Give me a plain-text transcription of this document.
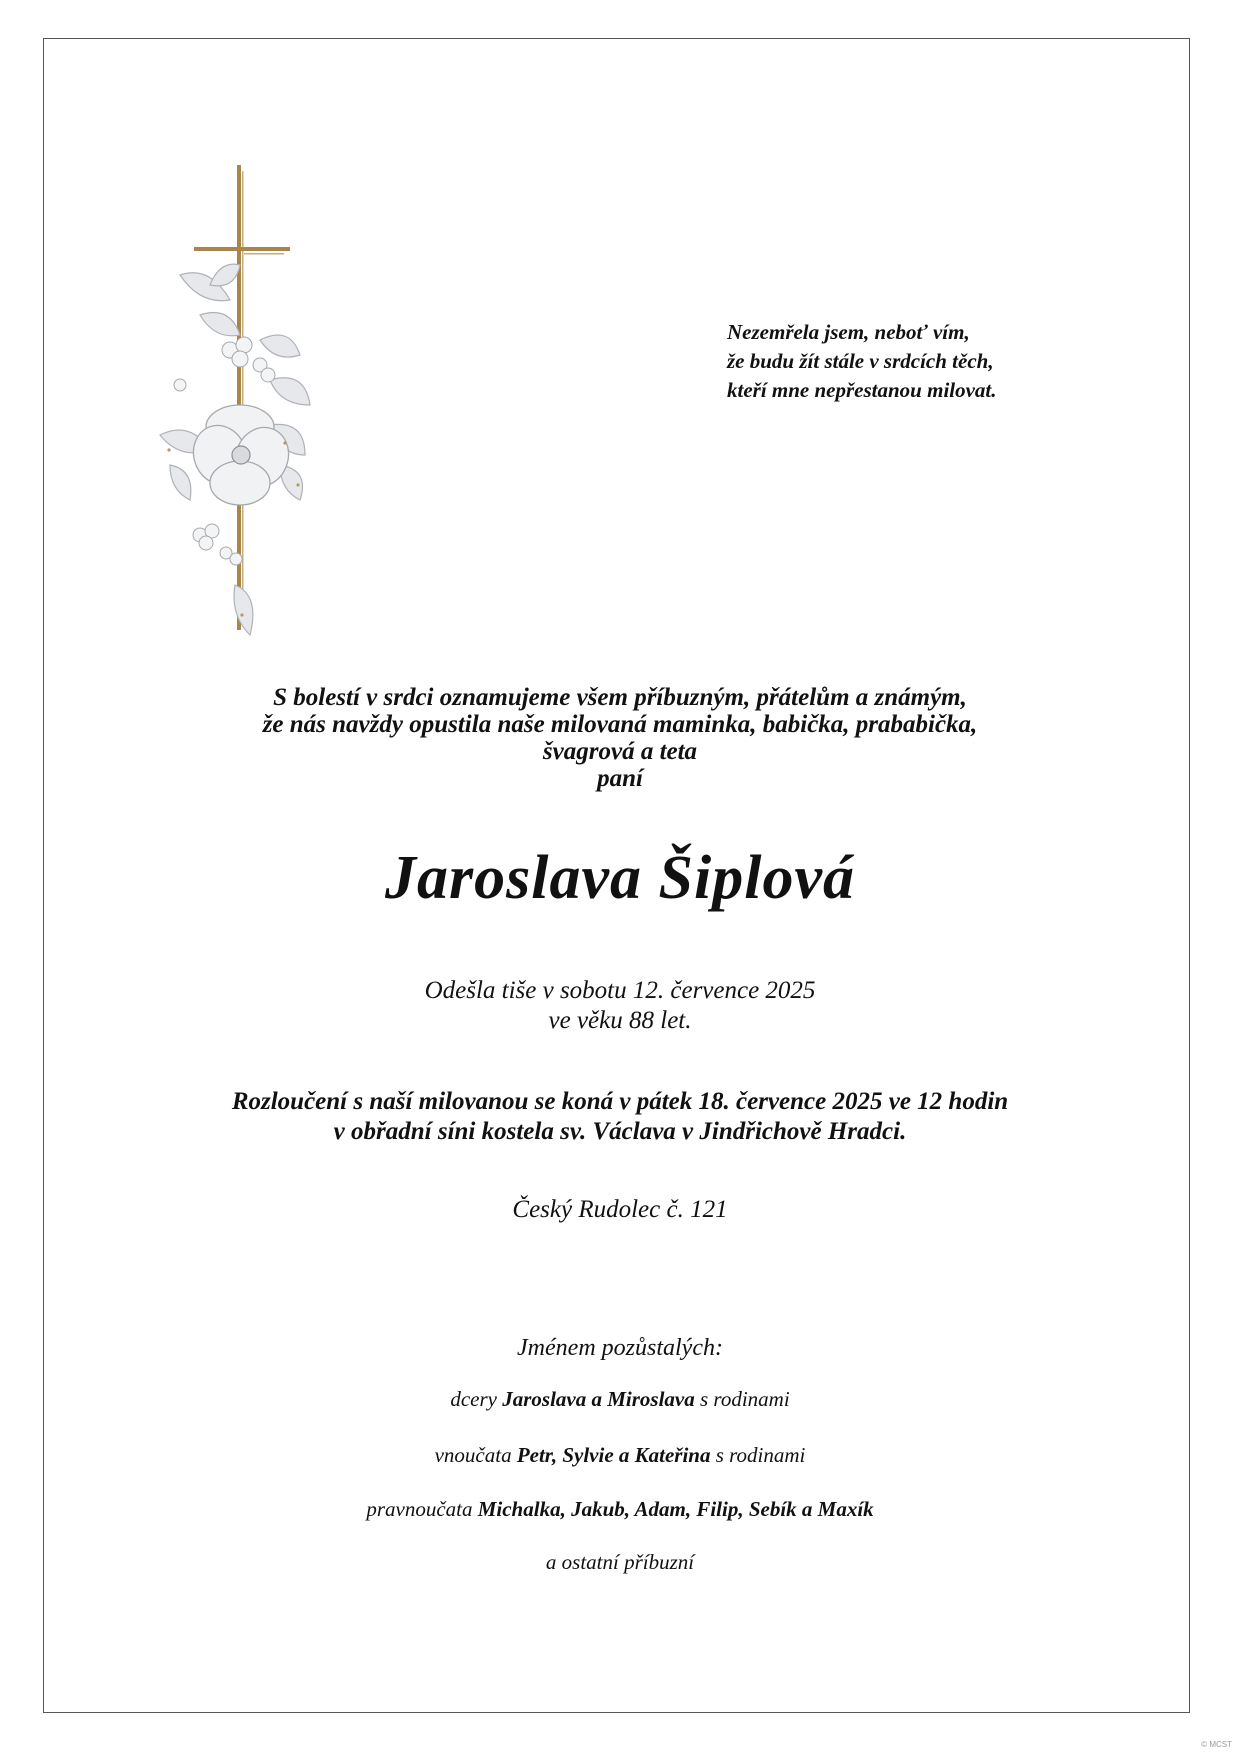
Nezemřela jsem, neboť vím,
že budu žít stále v srdcích těch,
kteří mne nepřestanou milovat.
S bolestí v srdci oznamujeme všem příbuzným, přátelům a známým,
že nás navždy opustila naše milovaná maminka, babička, prababička,
švagrová a teta
paní
Jaroslava Šiplová
Odešla tiše v sobotu 12. července 2025
ve věku 88 let.
Rozloučení s naší milovanou se koná v pátek 18. července 2025 ve 12 hodin
v obřadní síni kostela sv. Václava v Jindřichově Hradci.
Český Rudolec č. 121
Jménem pozůstalých:
dcery Jaroslava a Miroslava s rodinami
vnoučata Petr, Sylvie a Kateřina s rodinami
pravnoučata Michalka, Jakub, Adam, Filip, Sebík a Maxík
a ostatní příbuzní
© MCST
